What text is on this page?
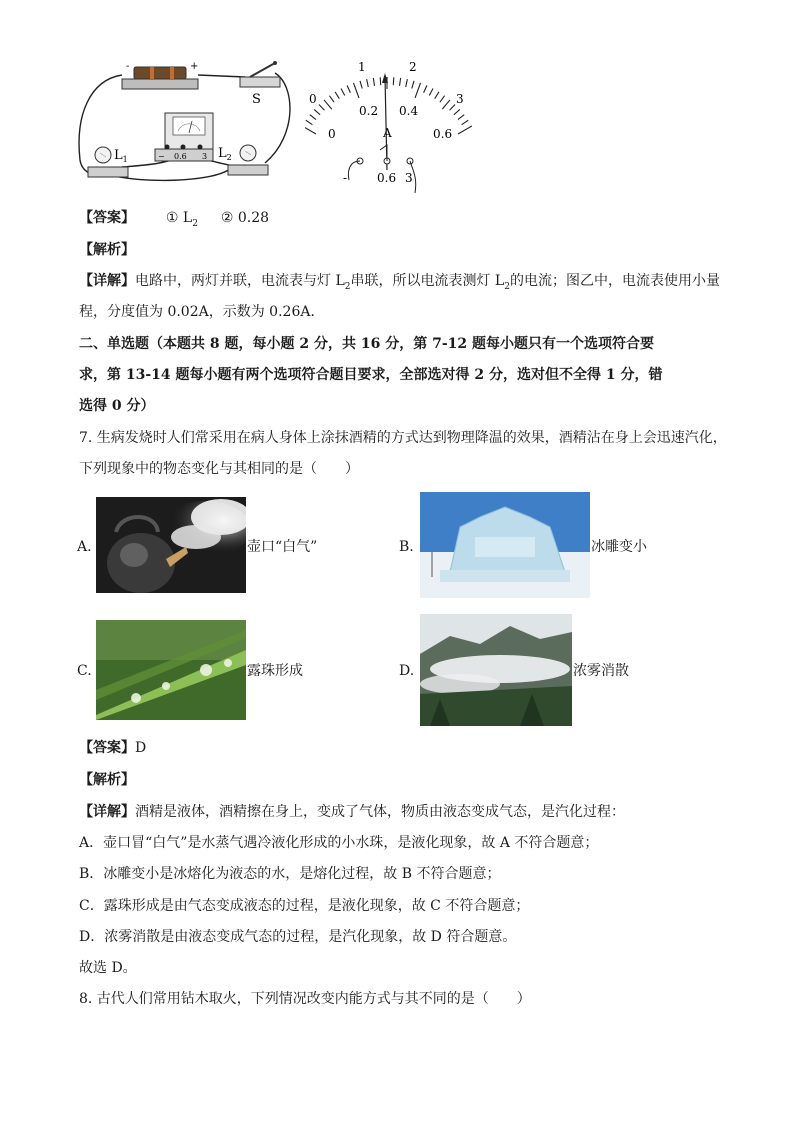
-	+
S
− 0.6 3
$L_1$	$L_2$
0
1	2
3
0
0.2 0.4
0.6
A
- 0.6 3
【答案】 ① $L_2$ ② 0.28
【解析】
【详解】电路中，两灯并联，电流表与灯 $L_2$串联，所以电流表测灯 $L_2$的电流；图乙中，电流表使用小量
程，分度值为 0.02A，示数为 0.26A．
二、单选题（本题共 8 题，每小题 2 分，共 16 分，第 7-12 题每小题只有一个选项符合要
求，第 13-14 题每小题有两个选项符合题目要求，全部选对得 2 分，选对但不全得 1 分，错
选得 0 分）
7. 生病发烧时人们常采用在病人身体上涂抹酒精的方式达到物理降温的效果，酒精沾在身上会迅速汽化，
下列现象中的物态变化与其相同的是（　　）
A.	壶口“白气”	B.	冰雕变小
C.	露珠形成	D.	浓雾消散
【答案】D
【解析】
【详解】酒精是液体，酒精擦在身上，变成了气体，物质由液态变成气态，是汽化过程：
A．壶口冒“白气”是水蒸气遇冷液化形成的小水珠，是液化现象，故 A 不符合题意；
B．冰雕变小是冰熔化为液态的水，是熔化过程，故 B 不符合题意；
C．露珠形成是由气态变成液态的过程，是液化现象，故 C 不符合题意；
D．浓雾消散是由液态变成气态的过程，是汽化现象，故 D 符合题意。
故选 D。
8. 古代人们常用钻木取火，下列情况改变内能方式与其不同的是（　　）
